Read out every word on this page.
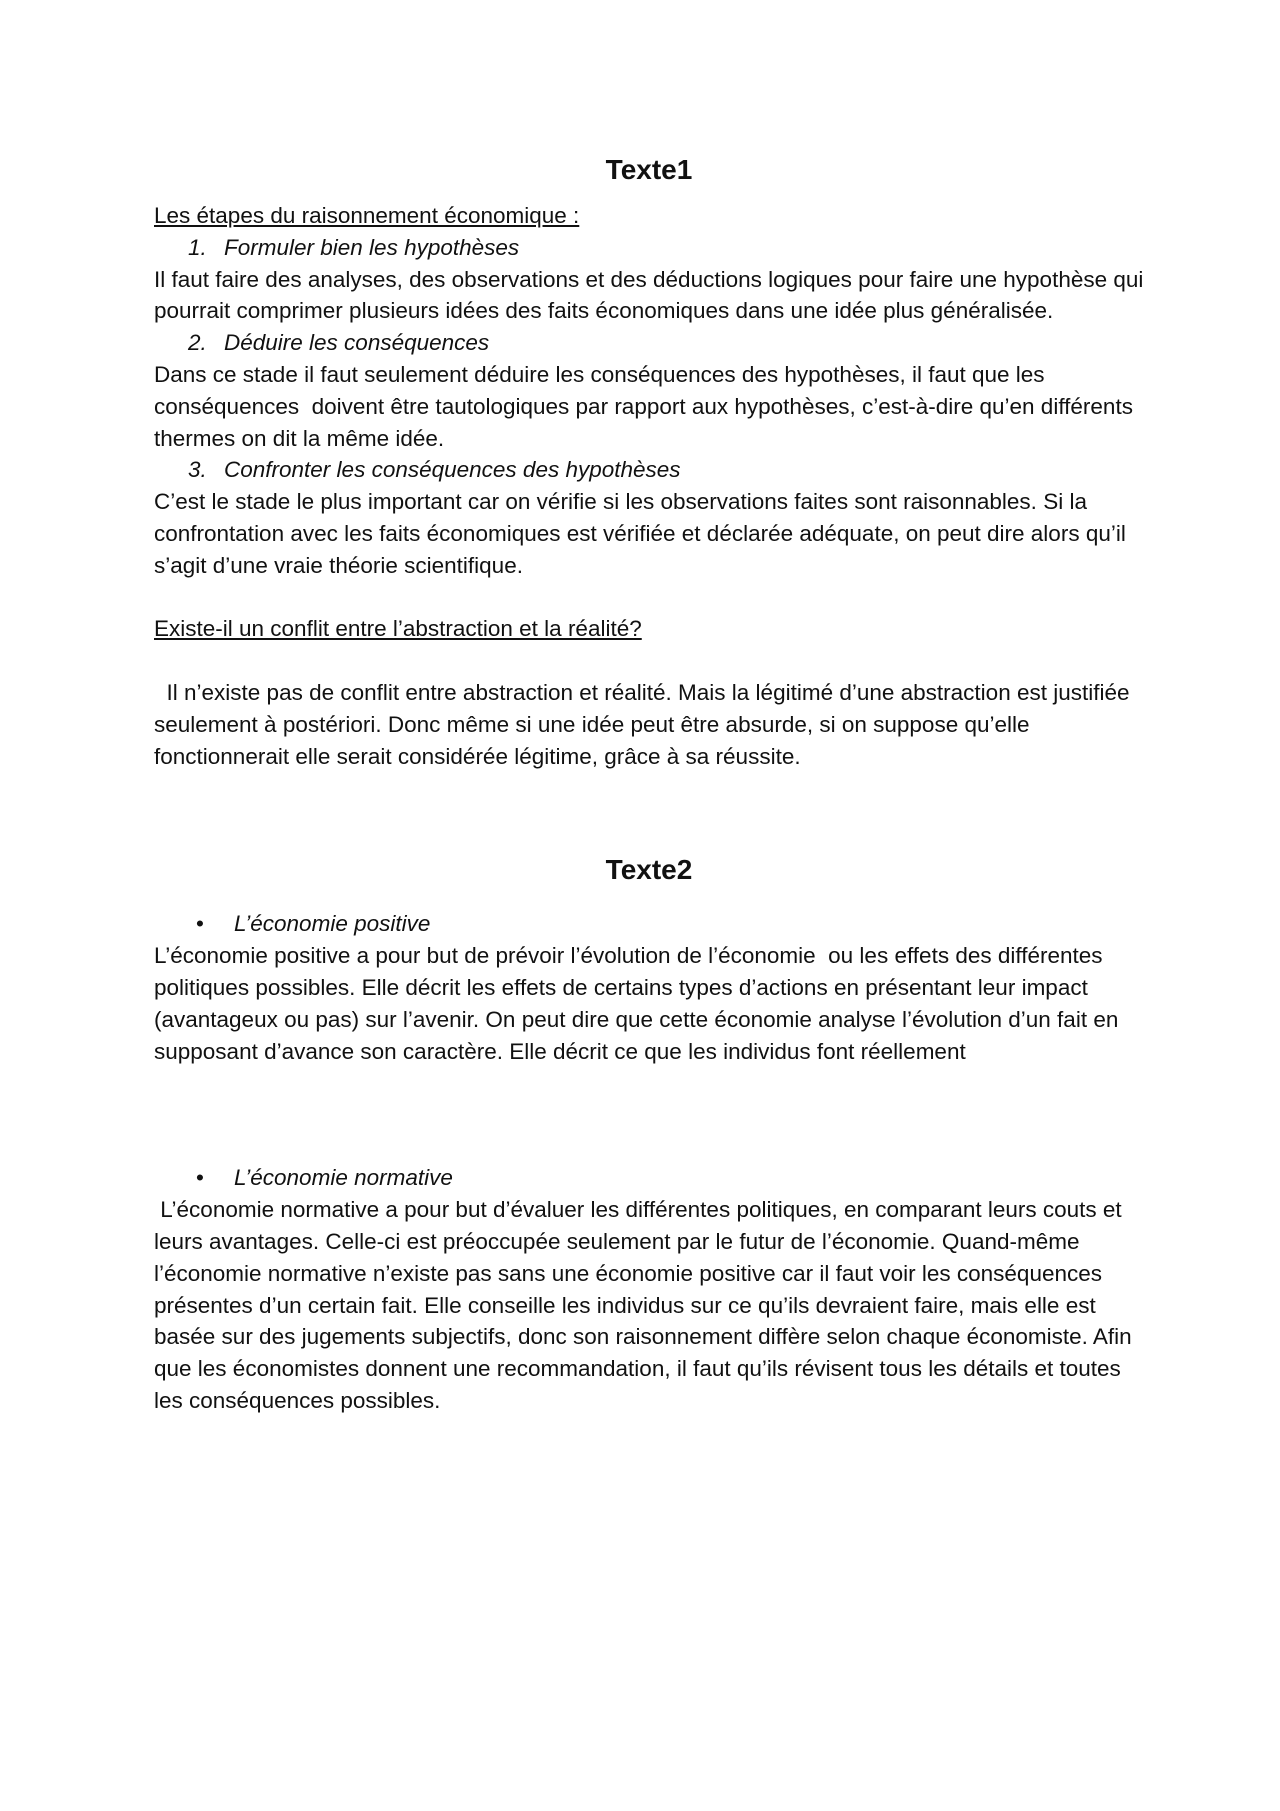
Texte1

Les étapes du raisonnement économique :

1. Formuler bien les hypothèses

Il faut faire des analyses, des observations et des déductions logiques pour faire une hypothèse qui pourrait comprimer plusieurs idées des faits économiques dans une idée plus généralisée.

2. Déduire les conséquences

Dans ce stade il faut seulement déduire les conséquences des hypothèses, il faut que les conséquences  doivent être tautologiques par rapport aux hypothèses, c’est-à-dire qu’en différents thermes on dit la même idée.

3. Confronter les conséquences des hypothèses

C’est le stade le plus important car on vérifie si les observations faites sont raisonnables. Si la confrontation avec les faits économiques est vérifiée et déclarée adéquate, on peut dire alors qu’il s’agit d’une vraie théorie scientifique.

Existe-il un conflit entre l’abstraction et la réalité?

Il n’existe pas de conflit entre abstraction et réalité. Mais la légitimé d’une abstraction est justifiée seulement à postériori. Donc même si une idée peut être absurde, si on suppose qu’elle fonctionnerait elle serait considérée légitime, grâce à sa réussite.

Texte2

• L’économie positive

L’économie positive a pour but de prévoir l’évolution de l’économie  ou les effets des différentes politiques possibles. Elle décrit les effets de certains types d’actions en présentant leur impact (avantageux ou pas) sur l’avenir. On peut dire que cette économie analyse l’évolution d’un fait en supposant d’avance son caractère. Elle décrit ce que les individus font réellement

• L’économie normative

L’économie normative a pour but d’évaluer les différentes politiques, en comparant leurs couts et leurs avantages. Celle-ci est préoccupée seulement par le futur de l’économie. Quand-même l’économie normative n’existe pas sans une économie positive car il faut voir les conséquences présentes d’un certain fait. Elle conseille les individus sur ce qu’ils devraient faire, mais elle est basée sur des jugements subjectifs, donc son raisonnement diffère selon chaque économiste. Afin que les économistes donnent une recommandation, il faut qu’ils révisent tous les détails et toutes les conséquences possibles.
